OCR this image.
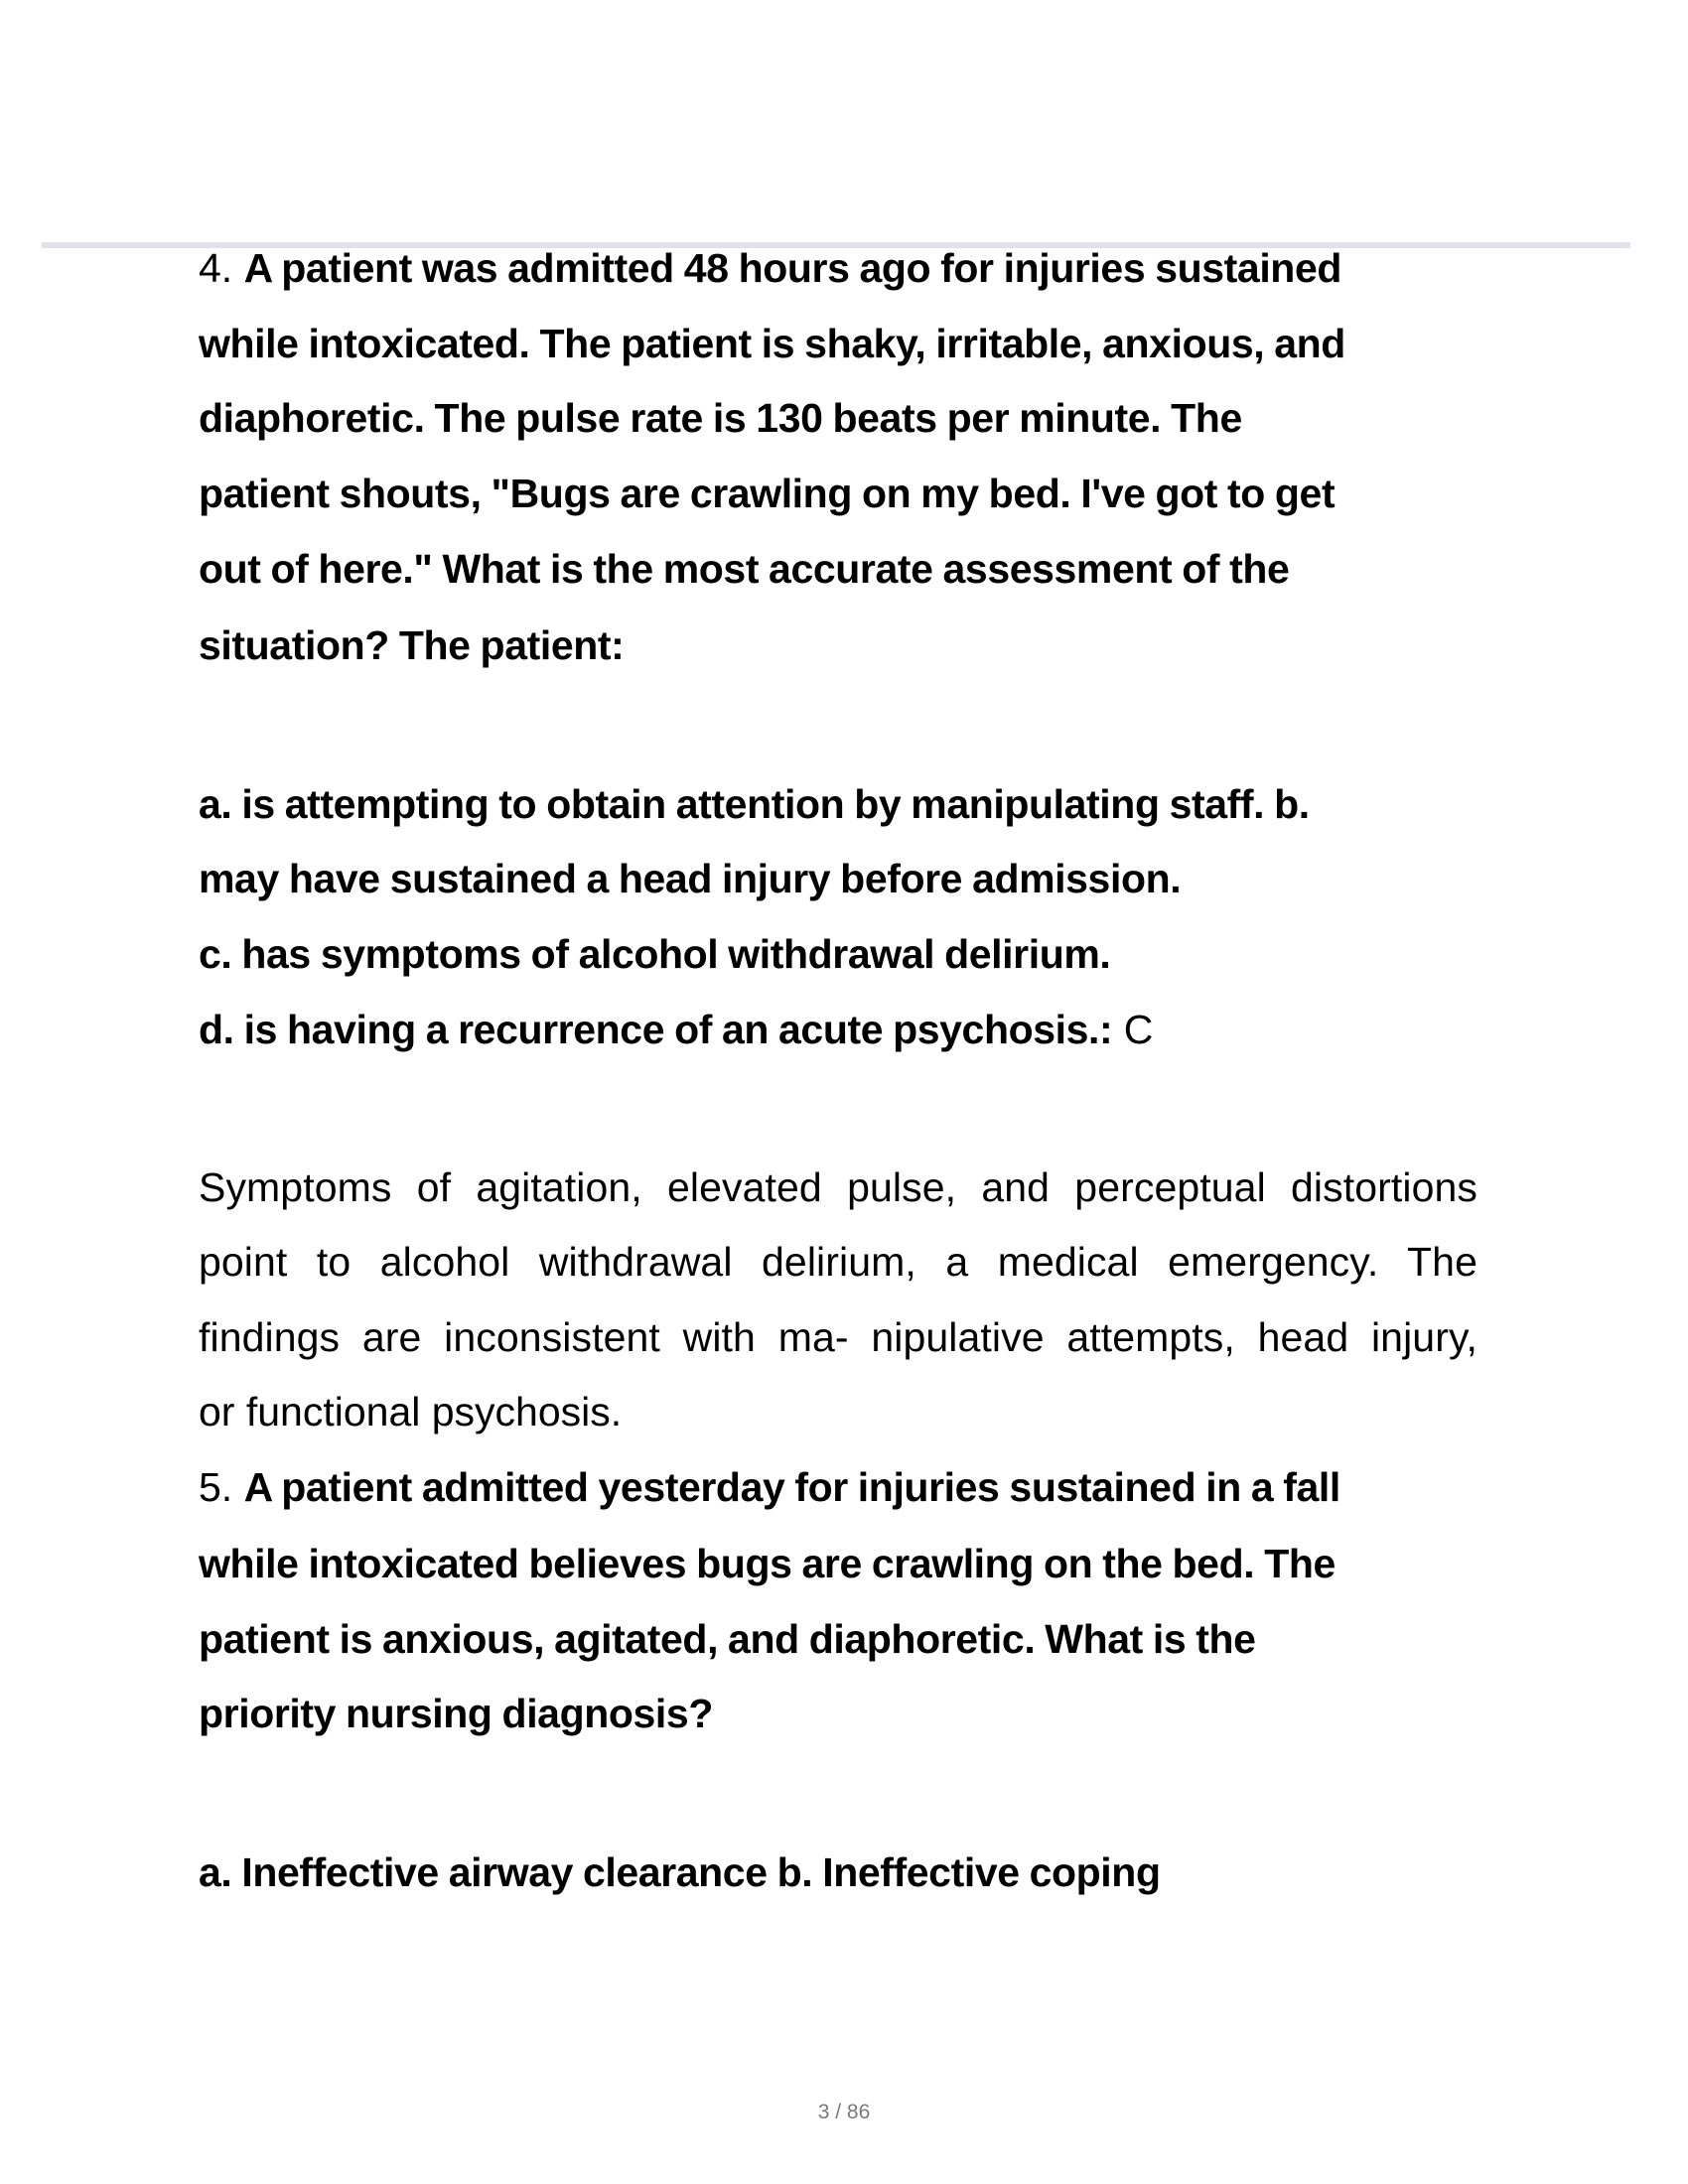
4. A patient was admitted 48 hours ago for injuries sustained
while intoxicated. The patient is shaky, irritable, anxious, and
diaphoretic. The pulse rate is 130 beats per minute. The
patient shouts, "Bugs are crawling on my bed. I've got to get
out of here." What is the most accurate assessment of the
situation? The patient:
a. is attempting to obtain attention by manipulating staff. b.
may have sustained a head injury before admission.
c. has symptoms of alcohol withdrawal delirium.
d. is having a recurrence of an acute psychosis.: C
Symptoms of agitation, elevated pulse, and perceptual distortions
point to alcohol withdrawal delirium, a medical emergency. The
findings are inconsistent with ma- nipulative attempts, head injury,
or functional psychosis.
5. A patient admitted yesterday for injuries sustained in a fall
while intoxicated believes bugs are crawling on the bed. The
patient is anxious, agitated, and diaphoretic. What is the
priority nursing diagnosis?
a. Ineffective airway clearance b. Ineffective coping
3 / 86
